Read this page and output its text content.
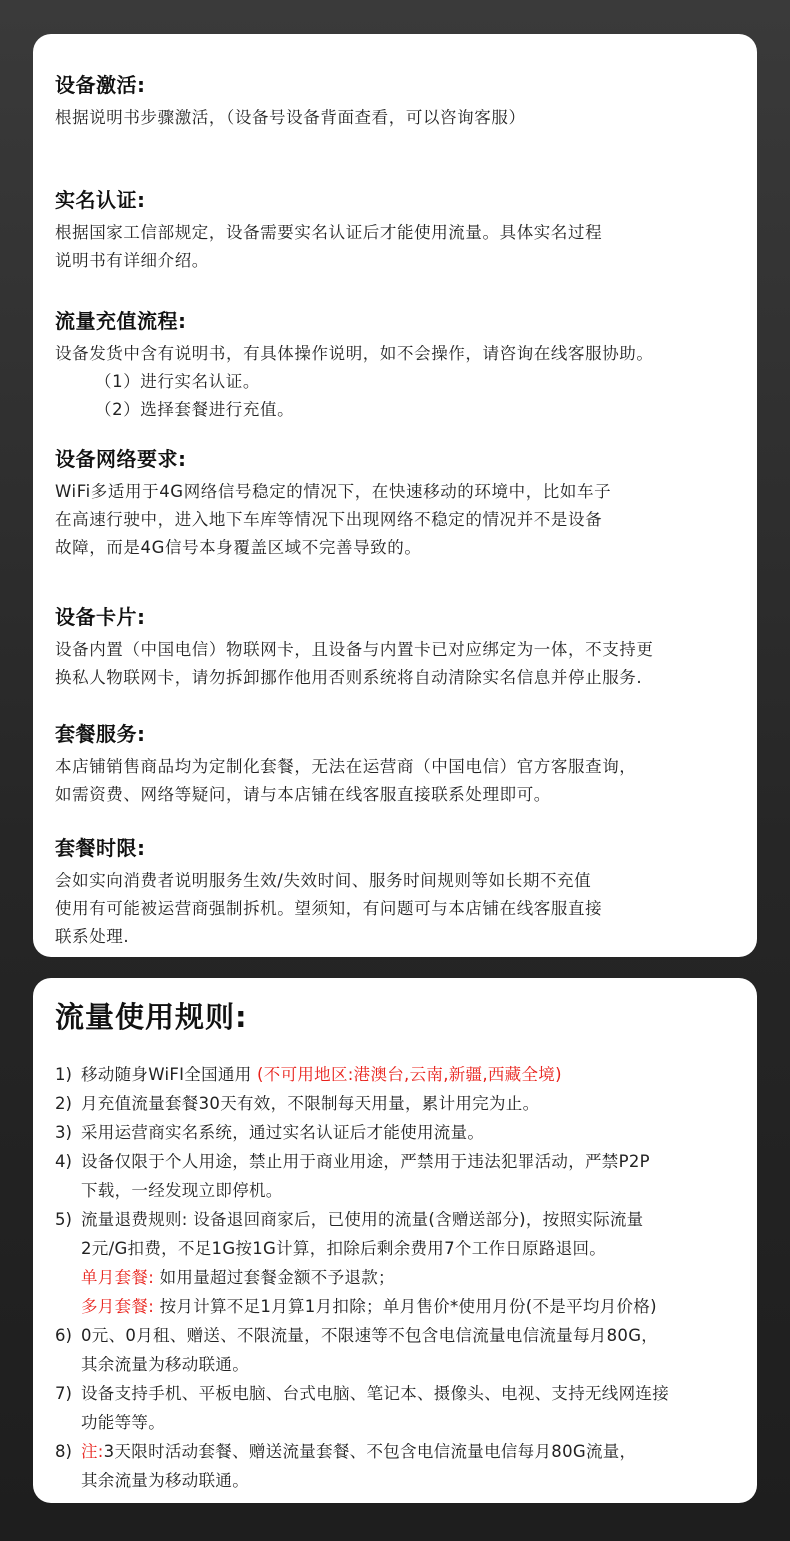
设备激活:
根据说明书步骤激活，（设备号设备背面查看，可以咨询客服）
实名认证:
根据国家工信部规定，设备需要实名认证后才能使用流量。具体实名过程
说明书有详细介绍。
流量充值流程:
设备发货中含有说明书，有具体操作说明，如不会操作，请咨询在线客服协助。
（1）进行实名认证。
（2）选择套餐进行充值。
设备网络要求:
WiFi多适用于4G网络信号稳定的情况下，在快速移动的环境中，比如车子
在高速行驶中，进入地下车库等情况下出现网络不稳定的情况并不是设备
故障，而是4G信号本身覆盖区域不完善导致的。
设备卡片:
设备内置（中国电信）物联网卡，且设备与内置卡已对应绑定为一体，不支持更
换私人物联网卡，请勿拆卸挪作他用否则系统将自动清除实名信息并停止服务.
套餐服务:
本店铺销售商品均为定制化套餐，无法在运营商（中国电信）官方客服查询，
如需资费、网络等疑问，请与本店铺在线客服直接联系处理即可。
套餐时限:
会如实向消费者说明服务生效/失效时间、服务时间规则等如长期不充值
使用有可能被运营商强制拆机。望须知，有问题可与本店铺在线客服直接
联系处理.
流量使用规则:
1) 移动随身WiFI全国通用 (不可用地区:港澳台,云南,新疆,西藏全境)
2) 月充值流量套餐30天有效，不限制每天用量，累计用完为止。
3) 采用运营商实名系统，通过实名认证后才能使用流量。
4) 设备仅限于个人用途，禁止用于商业用途，严禁用于违法犯罪活动，严禁P2P
下载，一经发现立即停机。
5) 流量退费规则: 设备退回商家后，已使用的流量(含赠送部分)，按照实际流量
2元/G扣费，不足1G按1G计算，扣除后剩余费用7个工作日原路退回。
单月套餐: 如用量超过套餐金额不予退款；
多月套餐: 按月计算不足1月算1月扣除；单月售价*使用月份(不是平均月价格)
6) 0元、0月租、赠送、不限流量，不限速等不包含电信流量电信流量每月80G，
其余流量为移动联通。
7) 设备支持手机、平板电脑、台式电脑、笔记本、摄像头、电视、支持无线网连接
功能等等。
8) 注:3天限时活动套餐、赠送流量套餐、不包含电信流量电信每月80G流量，
其余流量为移动联通。
